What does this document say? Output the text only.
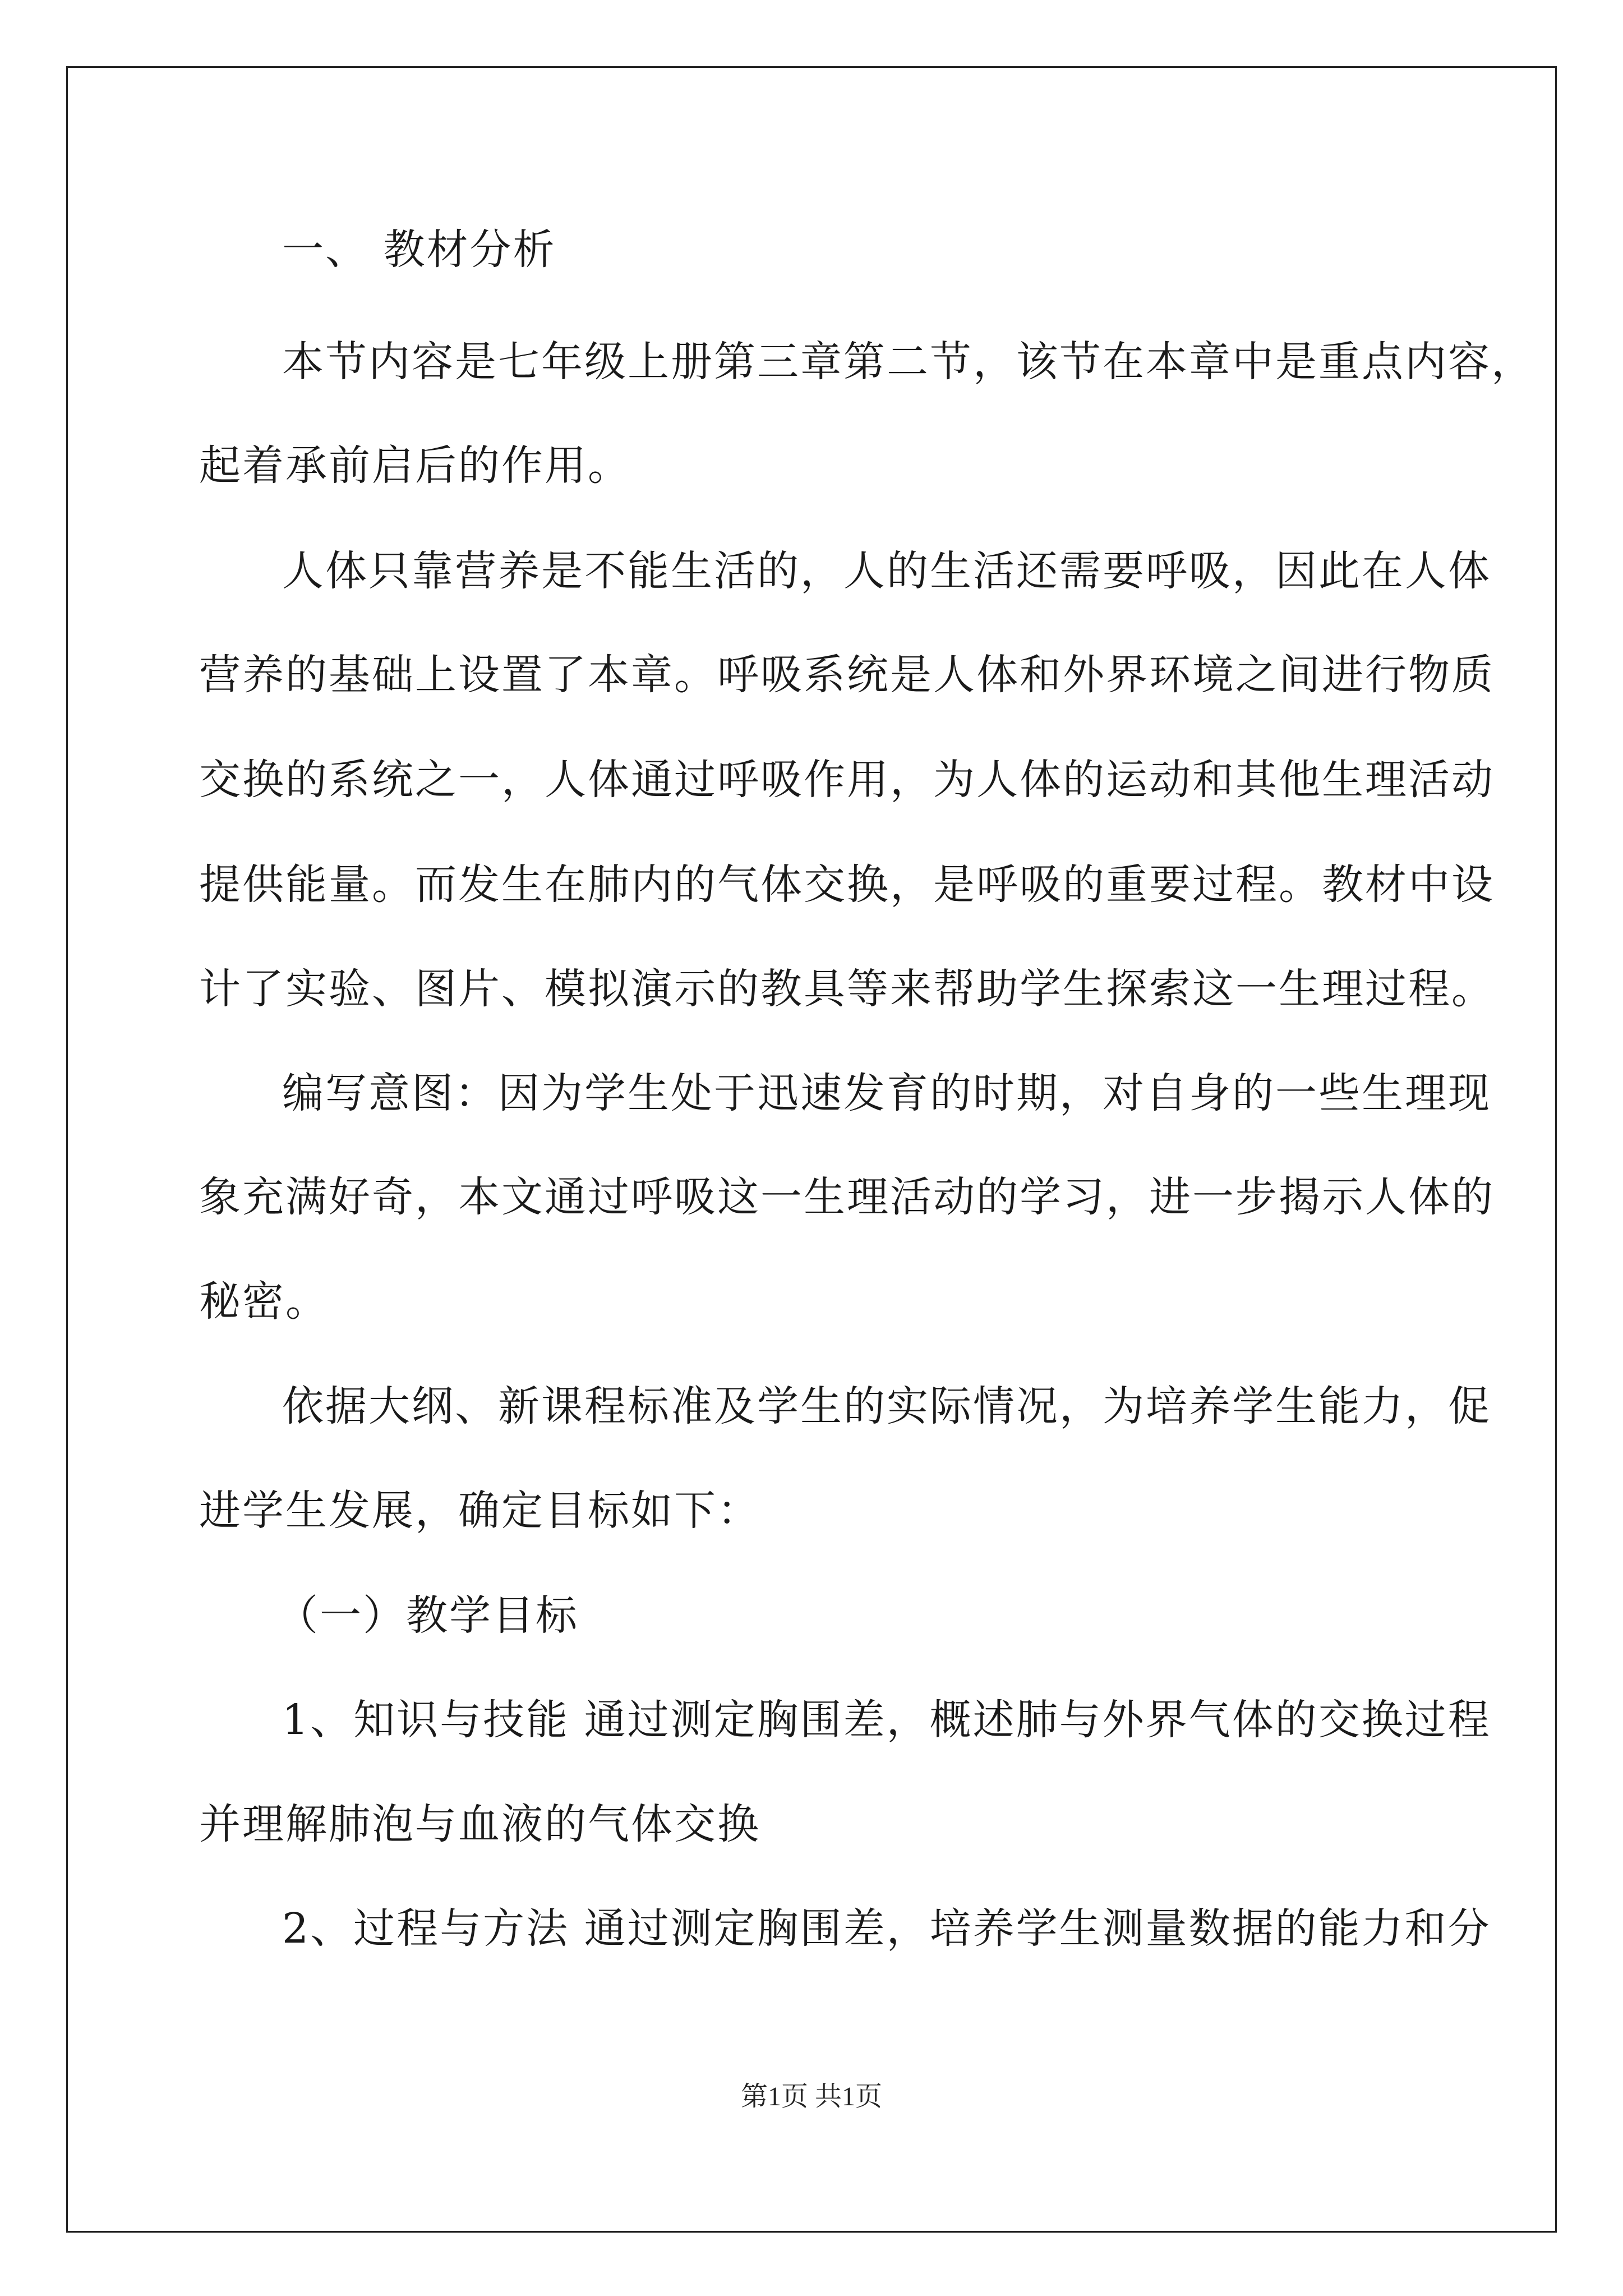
一、 教材分析
本节内容是七年级上册第三章第二节，该节在本章中是重点内容，
起着承前启后的作用。
人体只靠营养是不能生活的，人的生活还需要呼吸，因此在人体
营养的基础上设置了本章。呼吸系统是人体和外界环境之间进行物质
交换的系统之一，人体通过呼吸作用，为人体的运动和其他生理活动
提供能量。而发生在肺内的气体交换，是呼吸的重要过程。教材中设
计了实验、图片、模拟演示的教具等来帮助学生探索这一生理过程。
编写意图：因为学生处于迅速发育的时期，对自身的一些生理现
象充满好奇，本文通过呼吸这一生理活动的学习，进一步揭示人体的
秘密。
依据大纲、新课程标准及学生的实际情况，为培养学生能力，促
进学生发展，确定目标如下：
（一）教学目标
1、知识与技能 通过测定胸围差，概述肺与外界气体的交换过程
并理解肺泡与血液的气体交换
2、过程与方法 通过测定胸围差，培养学生测量数据的能力和分
第1页 共1页
